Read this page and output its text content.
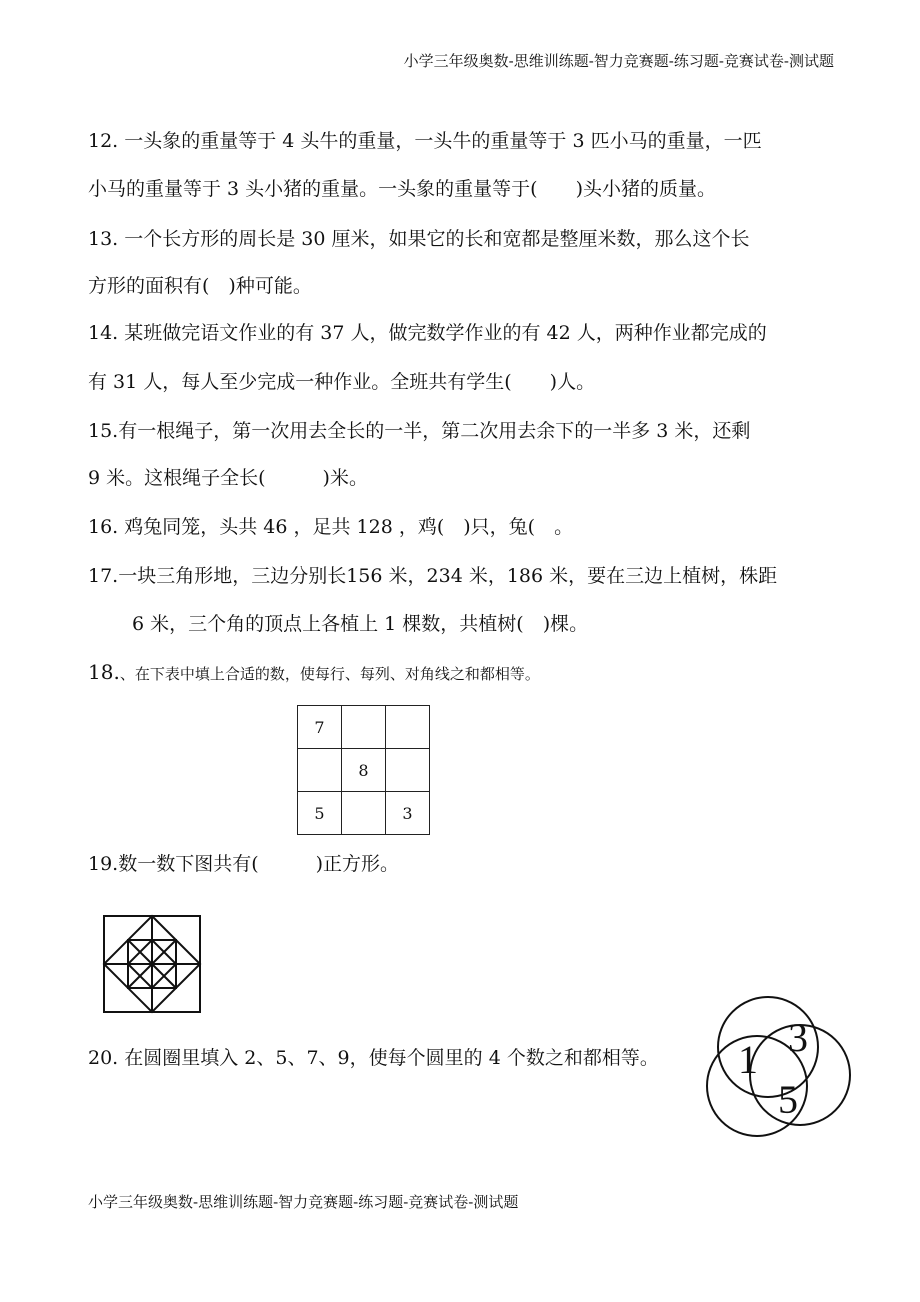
小学三年级奥数-思维训练题-智力竞赛题-练习题-竞赛试卷-测试题
12. 一头象的重量等于 4 头牛的重量，一头牛的重量等于 3 匹小马的重量，一匹
小马的重量等于 3 头小猪的重量。一头象的重量等于(　　)头小猪的质量。
13. 一个长方形的周长是 30 厘米，如果它的长和宽都是整厘米数，那么这个长
方形的面积有(　)种可能。
14. 某班做完语文作业的有 37 人，做完数学作业的有 42 人，两种作业都完成的
有 31 人，每人至少完成一种作业。全班共有学生(　　)人。
15.有一根绳子，第一次用去全长的一半，第二次用去余下的一半多 3 米，还剩
9 米。这根绳子全长(　　　)米。
16. 鸡兔同笼，头共 46 ，足共 128 ，鸡(　)只，兔(　。
17.一块三角形地，三边分别长156 米，234 米，186 米，要在三边上植树，株距
6 米，三个角的顶点上各植上 1 棵数，共植树(　)棵。
18.、在下表中填上合适的数，使每行、每列、对角线之和都相等。
7		
	8	
5		3
19.数一数下图共有(　　　)正方形。
20. 在圆圈里填入 2、5、7、9，使每个圆里的 4 个数之和都相等。 1 3
5
小学三年级奥数-思维训练题-智力竞赛题-练习题-竞赛试卷-测试题
